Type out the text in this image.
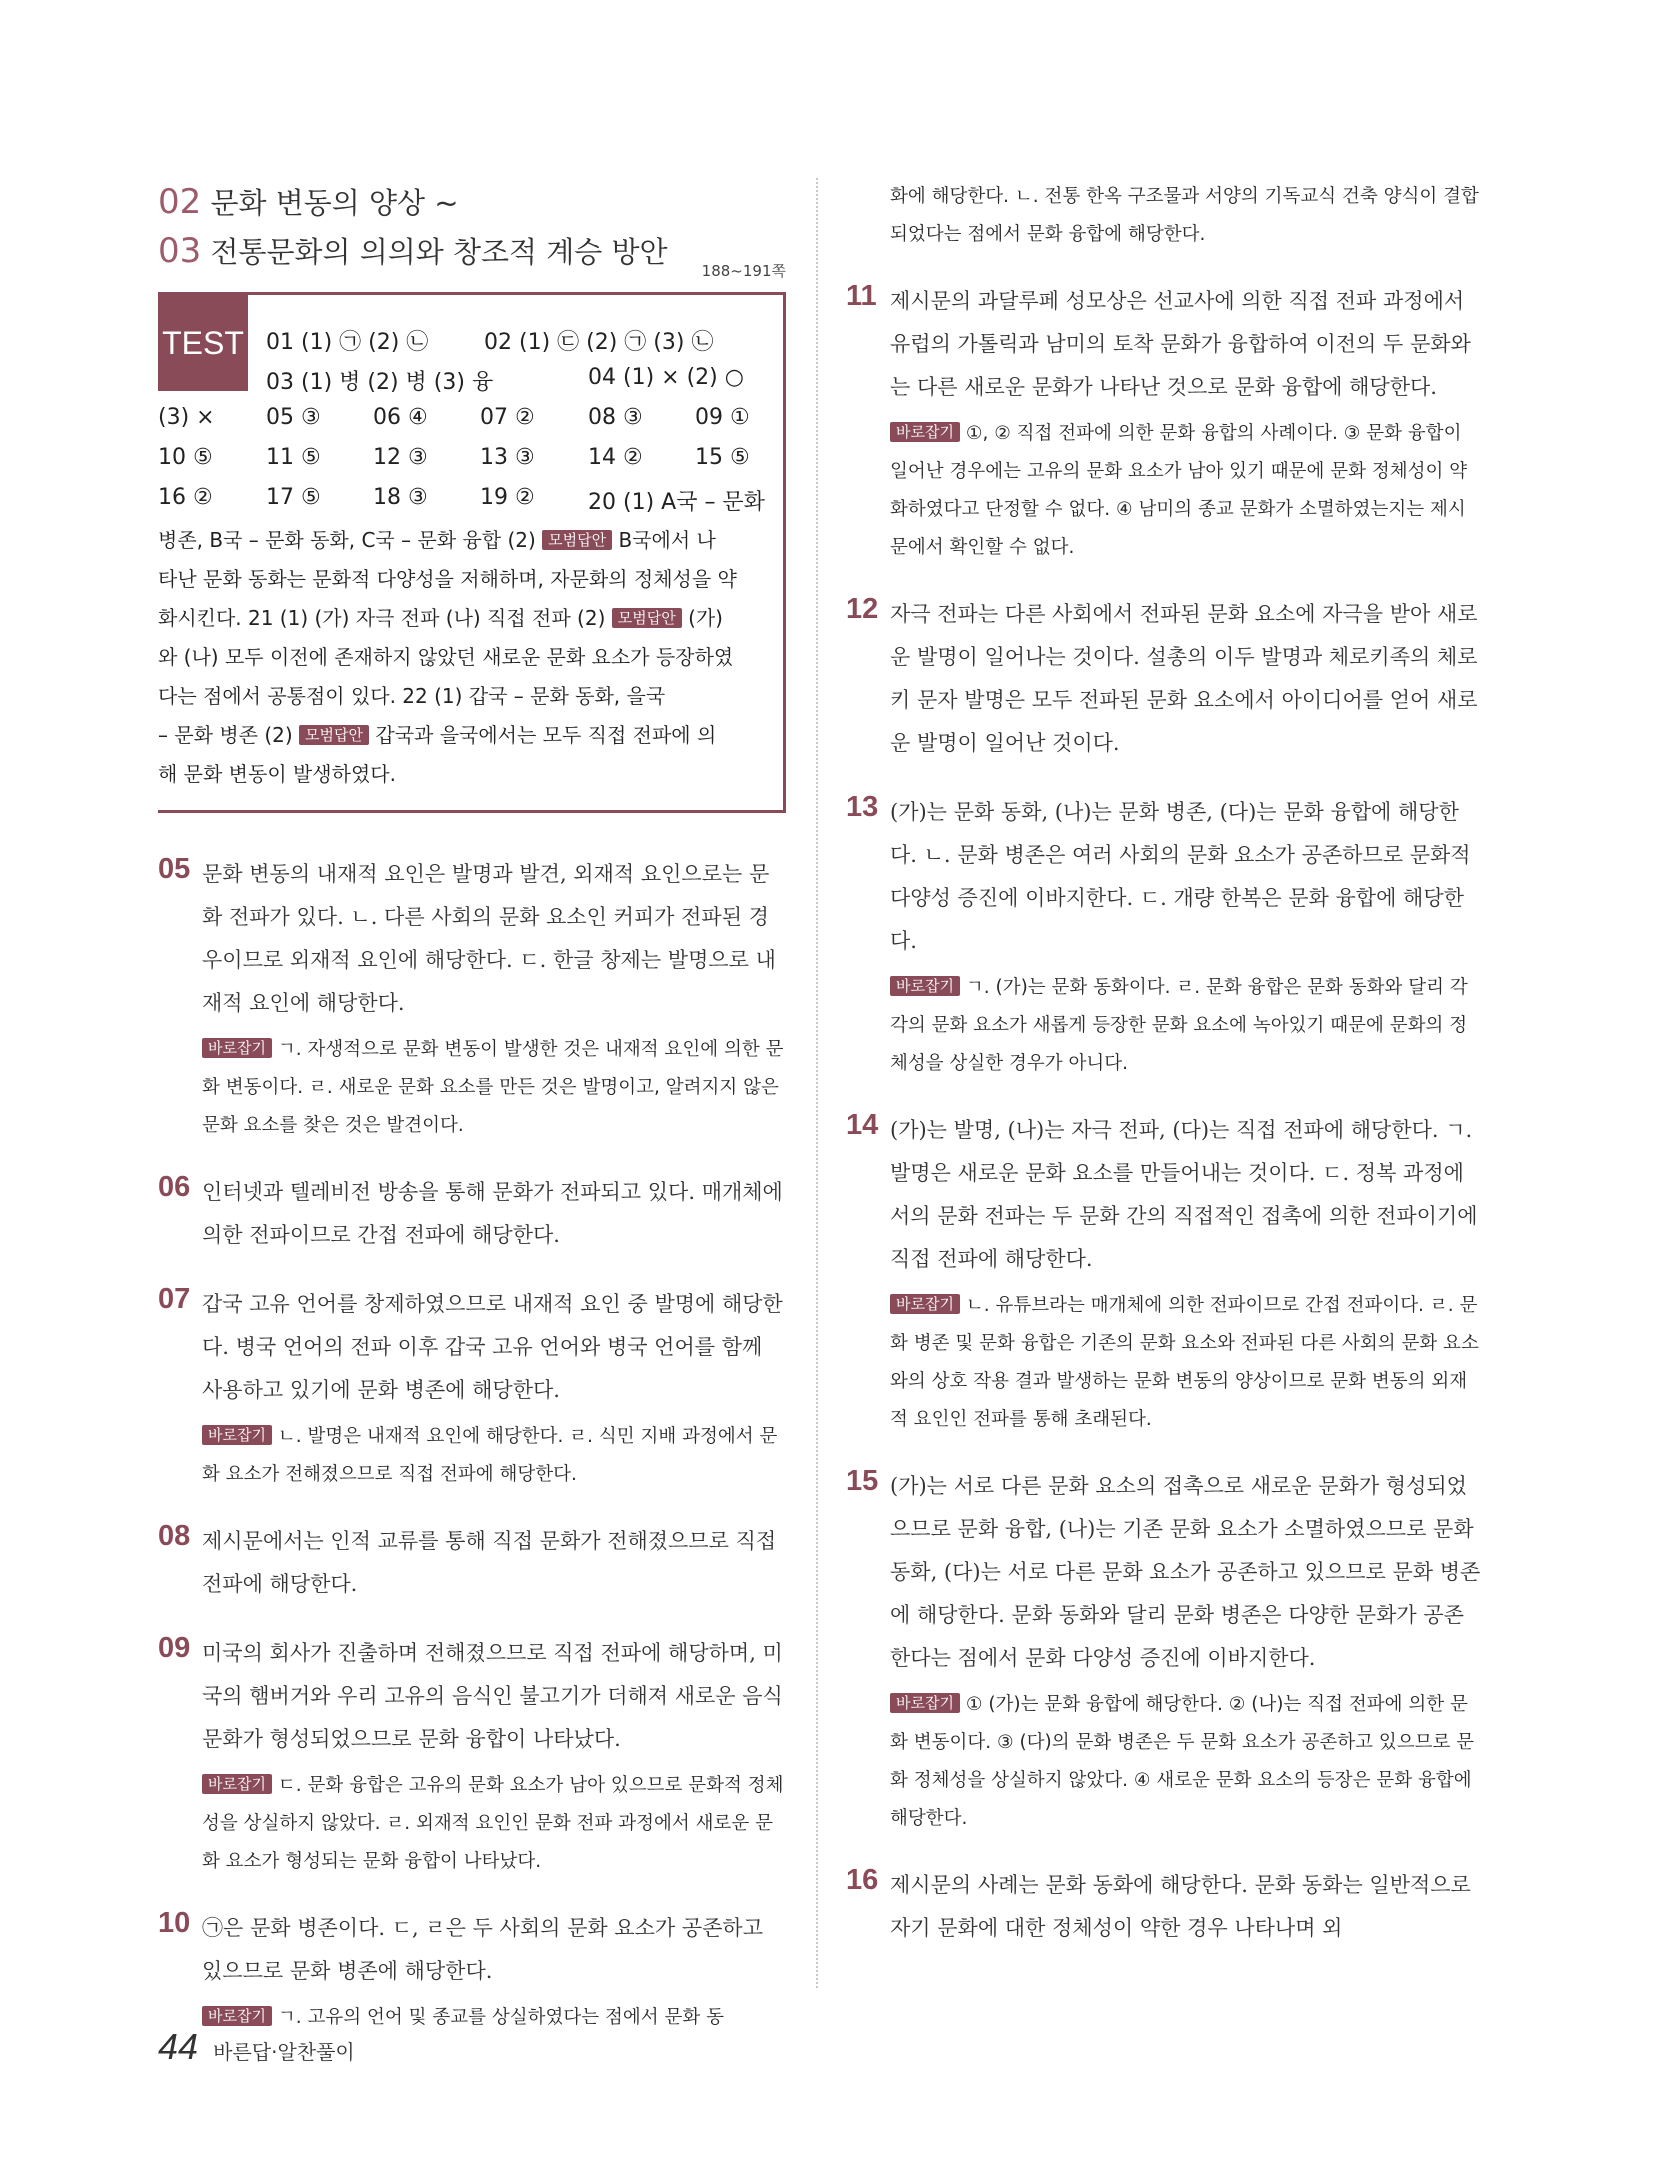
02 문화 변동의 양상 ~
03 전통문화의 의의와 창조적 계승 방안
188~191쪽
TEST 01 (1) ㉠ (2) ㉡	02 (1) ㉢ (2) ㉠ (3) ㉡
03 (1) 병 (2) 병 (3) 융	04 (1) × (2) ○
(3) × 05 ③ 06 ④ 07 ② 08 ③ 09 ①
10 ⑤ 11 ⑤ 12 ③ 13 ③ 14 ② 15 ⑤
16 ② 17 ⑤ 18 ③ 19 ② 20 (1) A국 – 문화
병존, B국 – 문화 동화, C국 – 문화 융합 (2) 모범답안 B국에서 나
타난 문화 동화는 문화적 다양성을 저해하며, 자문화의 정체성을 약
화시킨다. 21 (1) (가) 자극 전파 (나) 직접 전파 (2) 모범답안 (가)
와 (나) 모두 이전에 존재하지 않았던 새로운 문화 요소가 등장하였
다는 점에서 공통점이 있다. 22 (1) 갑국 – 문화 동화, 을국
– 문화 병존 (2) 모범답안 갑국과 을국에서는 모두 직접 전파에 의
해 문화 변동이 발생하였다.
05 문화 변동의 내재적 요인은 발명과 발견, 외재적 요인으로는 문화 전파가 있다. ㄴ. 다른 사회의 문화 요소인 커피가 전파된 경우이므로 외재적 요인에 해당한다. ㄷ. 한글 창제는 발명으로 내재적 요인에 해당한다.
바로잡기 ㄱ. 자생적으로 문화 변동이 발생한 것은 내재적 요인에 의한 문화 변동이다. ㄹ. 새로운 문화 요소를 만든 것은 발명이고, 알려지지 않은 문화 요소를 찾은 것은 발견이다.
06 인터넷과 텔레비전 방송을 통해 문화가 전파되고 있다. 매개체에 의한 전파이므로 간접 전파에 해당한다.
07 갑국 고유 언어를 창제하였으므로 내재적 요인 중 발명에 해당한다. 병국 언어의 전파 이후 갑국 고유 언어와 병국 언어를 함께 사용하고 있기에 문화 병존에 해당한다.
바로잡기 ㄴ. 발명은 내재적 요인에 해당한다. ㄹ. 식민 지배 과정에서 문화 요소가 전해졌으므로 직접 전파에 해당한다.
08 제시문에서는 인적 교류를 통해 직접 문화가 전해졌으므로 직접 전파에 해당한다.
09 미국의 회사가 진출하며 전해졌으므로 직접 전파에 해당하며, 미국의 햄버거와 우리 고유의 음식인 불고기가 더해져 새로운 음식 문화가 형성되었으므로 문화 융합이 나타났다.
바로잡기 ㄷ. 문화 융합은 고유의 문화 요소가 남아 있으므로 문화적 정체성을 상실하지 않았다. ㄹ. 외재적 요인인 문화 전파 과정에서 새로운 문화 요소가 형성되는 문화 융합이 나타났다.
10 ㉠은 문화 병존이다. ㄷ, ㄹ은 두 사회의 문화 요소가 공존하고 있으므로 문화 병존에 해당한다.
바로잡기 ㄱ. 고유의 언어 및 종교를 상실하였다는 점에서 문화 동
화에 해당한다. ㄴ. 전통 한옥 구조물과 서양의 기독교식 건축 양식이 결합되었다는 점에서 문화 융합에 해당한다.
11 제시문의 과달루페 성모상은 선교사에 의한 직접 전파 과정에서 유럽의 가톨릭과 남미의 토착 문화가 융합하여 이전의 두 문화와는 다른 새로운 문화가 나타난 것으로 문화 융합에 해당한다.
바로잡기 ①, ② 직접 전파에 의한 문화 융합의 사례이다. ③ 문화 융합이 일어난 경우에는 고유의 문화 요소가 남아 있기 때문에 문화 정체성이 약화하였다고 단정할 수 없다. ④ 남미의 종교 문화가 소멸하였는지는 제시문에서 확인할 수 없다.
12 자극 전파는 다른 사회에서 전파된 문화 요소에 자극을 받아 새로운 발명이 일어나는 것이다. 설총의 이두 발명과 체로키족의 체로키 문자 발명은 모두 전파된 문화 요소에서 아이디어를 얻어 새로운 발명이 일어난 것이다.
13 (가)는 문화 동화, (나)는 문화 병존, (다)는 문화 융합에 해당한다. ㄴ. 문화 병존은 여러 사회의 문화 요소가 공존하므로 문화적 다양성 증진에 이바지한다. ㄷ. 개량 한복은 문화 융합에 해당한다.
바로잡기 ㄱ. (가)는 문화 동화이다. ㄹ. 문화 융합은 문화 동화와 달리 각각의 문화 요소가 새롭게 등장한 문화 요소에 녹아있기 때문에 문화의 정체성을 상실한 경우가 아니다.
14 (가)는 발명, (나)는 자극 전파, (다)는 직접 전파에 해당한다. ㄱ. 발명은 새로운 문화 요소를 만들어내는 것이다. ㄷ. 정복 과정에서의 문화 전파는 두 문화 간의 직접적인 접촉에 의한 전파이기에 직접 전파에 해당한다.
바로잡기 ㄴ. 유튜브라는 매개체에 의한 전파이므로 간접 전파이다. ㄹ. 문화 병존 및 문화 융합은 기존의 문화 요소와 전파된 다른 사회의 문화 요소와의 상호 작용 결과 발생하는 문화 변동의 양상이므로 문화 변동의 외재적 요인인 전파를 통해 초래된다.
15 (가)는 서로 다른 문화 요소의 접촉으로 새로운 문화가 형성되었으므로 문화 융합, (나)는 기존 문화 요소가 소멸하였으므로 문화 동화, (다)는 서로 다른 문화 요소가 공존하고 있으므로 문화 병존에 해당한다. 문화 동화와 달리 문화 병존은 다양한 문화가 공존한다는 점에서 문화 다양성 증진에 이바지한다.
바로잡기 ① (가)는 문화 융합에 해당한다. ② (나)는 직접 전파에 의한 문화 변동이다. ③ (다)의 문화 병존은 두 문화 요소가 공존하고 있으므로 문화 정체성을 상실하지 않았다. ④ 새로운 문화 요소의 등장은 문화 융합에 해당한다.
16 제시문의 사례는 문화 동화에 해당한다. 문화 동화는 일반적으로 자기 문화에 대한 정체성이 약한 경우 나타나며 외
44 바른답·알찬풀이
